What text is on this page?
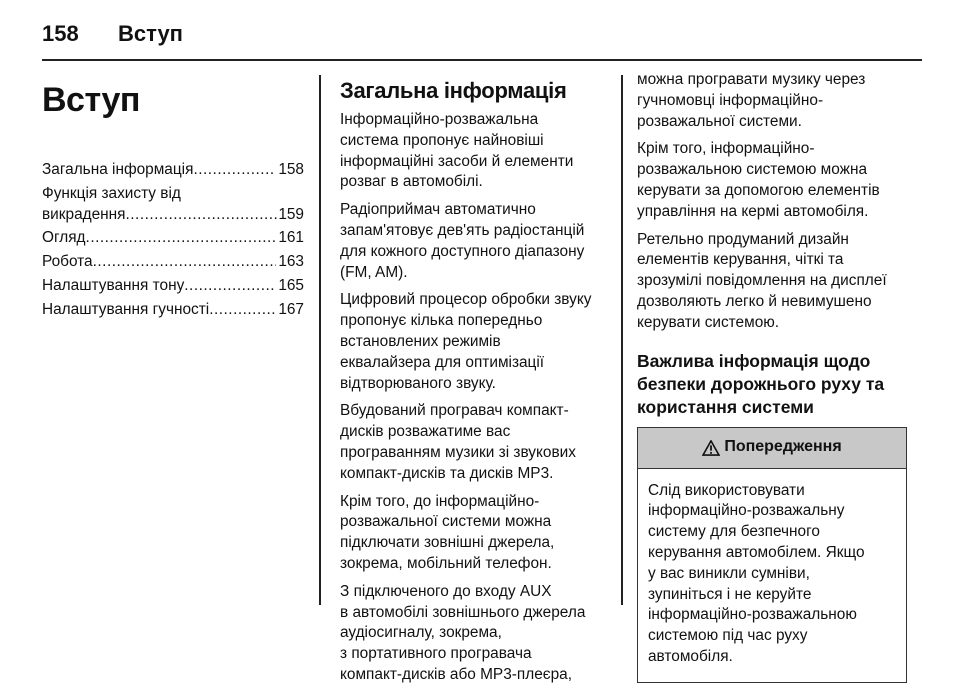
158	Вступ
Вступ
Загальна інформація .....	158
Функція захисту від
викрадення .....	159
Огляд .....	161
Робота .....	163
Налаштування тону .....	165
Налаштування гучності .....	167
Загальна інформація
Інформаційно-розважальна
система пропонує найновіші
інформаційні засоби й елементи
розваг в автомобілі.
Радіоприймач автоматично
запам'ятовує дев'ять радіостанцій
для кожного доступного діапазону
(FM, AM).
Цифровий процесор обробки звуку
пропонує кілька попередньо
встановлених режимів
еквалайзера для оптимізації
відтворюваного звуку.
Вбудований програвач компакт-
дисків розважатиме вас
програванням музики зі звукових
компакт-дисків та дисків MP3.
Крім того, до інформаційно-
розважальної системи можна
підключати зовнішні джерела,
зокрема, мобільний телефон.
З підключеного до входу AUX
в автомобілі зовнішнього джерела
аудіосигналу, зокрема,
з портативного програвача
компакт-дисків або MP3-плеєра,
можна програвати музику через
гучномовці інформаційно-
розважальної системи.
Крім того, інформаційно-
розважальною системою можна
керувати за допомогою елементів
управління на кермі автомобіля.
Ретельно продуманий дизайн
елементів керування, чіткі та
зрозумілі повідомлення на дисплеї
дозволяють легко й невимушено
керувати системою.
Важлива інформація щодо
безпеки дорожнього руху та
користання системи
Попередження
Слід використовувати
інформаційно-розважальну
систему для безпечного
керування автомобілем. Якщо
у вас виникли сумніви,
зупиніться і не керуйте
інформаційно-розважальною
системою під час руху
автомобіля.
